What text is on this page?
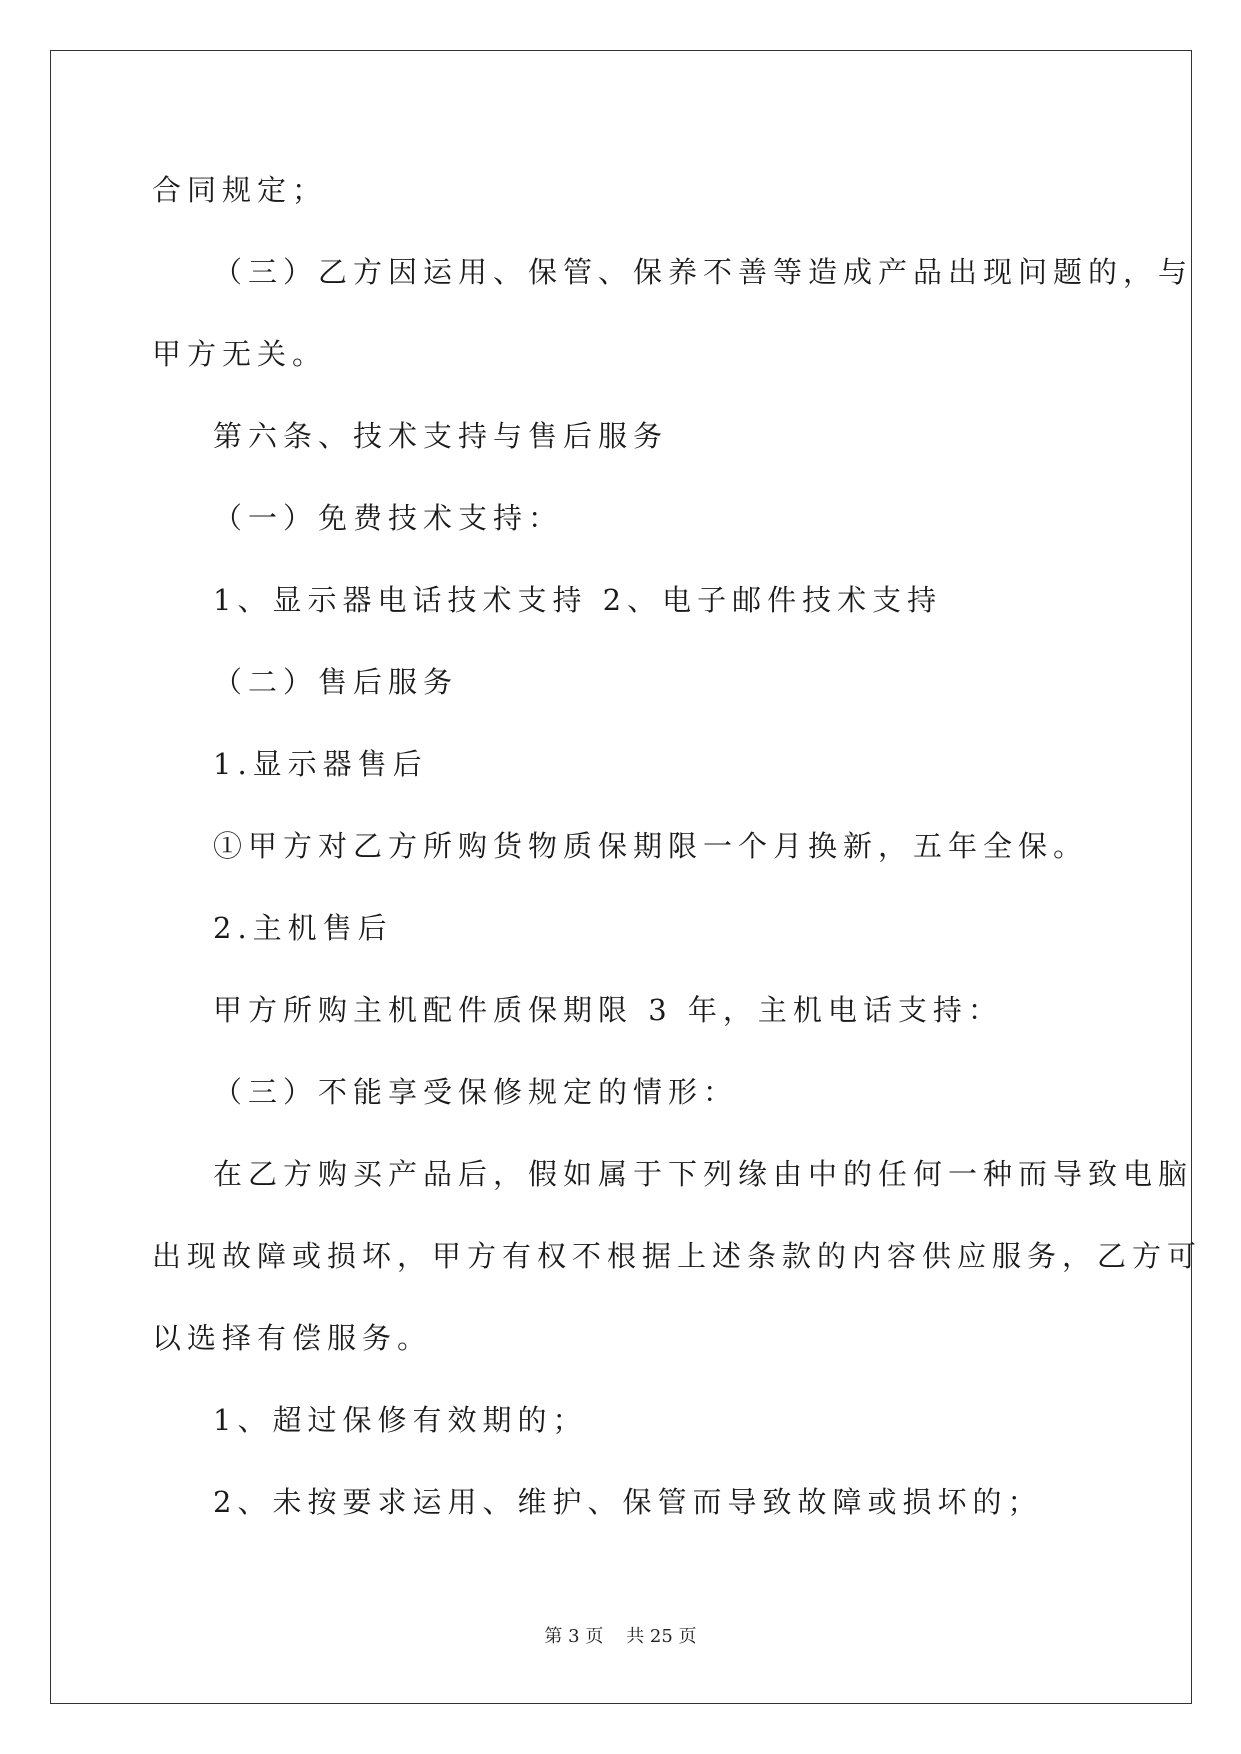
合同规定；
（三）乙方因运用、保管、保养不善等造成产品出现问题的，与
甲方无关。
第六条、技术支持与售后服务
（一）免费技术支持：
1、显示器电话技术支持 2、电子邮件技术支持
（二）售后服务
1.显示器售后
①甲方对乙方所购货物质保期限一个月换新，五年全保。
2.主机售后
甲方所购主机配件质保期限 3 年，主机电话支持：
（三）不能享受保修规定的情形：
在乙方购买产品后，假如属于下列缘由中的任何一种而导致电脑
出现故障或损坏，甲方有权不根据上述条款的内容供应服务，乙方可
以选择有偿服务。
1、超过保修有效期的；
2、未按要求运用、维护、保管而导致故障或损坏的；
第 3 页    共 25 页
